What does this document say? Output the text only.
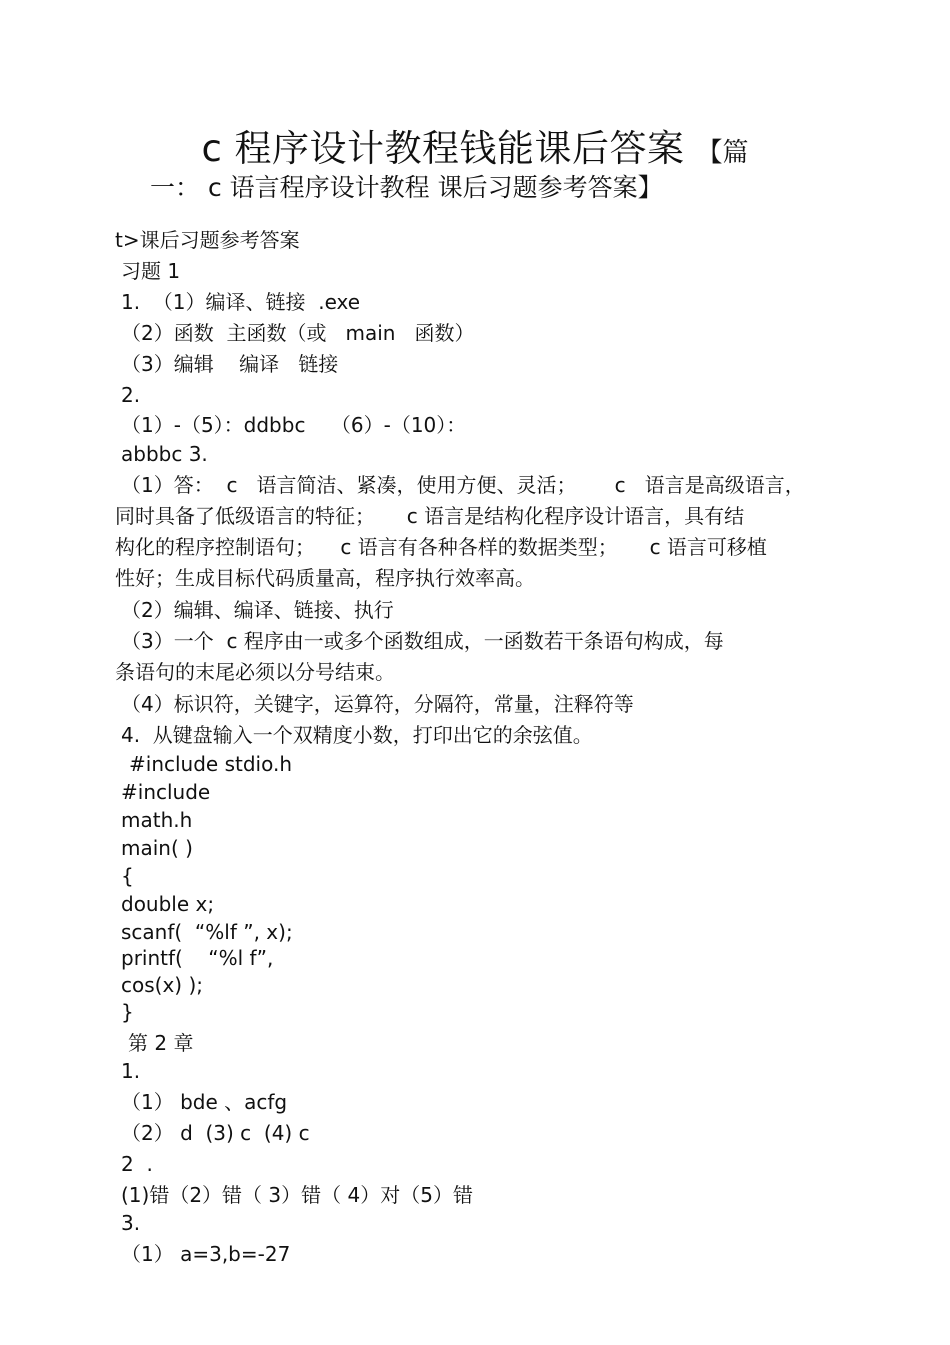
c 程序设计教程钱能课后答案 【篇
一： c 语言程序设计教程 课后习题参考答案】
t>课后习题参考答案
习题 1
1.  （1）编译、链接  .exe
（2）函数  主函数（或   main   函数）
（3）编辑    编译   链接
2.
（1）-（5）：ddbbc    （6）-（10）：
abbbc 3.
（1）答：  c   语言简洁、紧凑，使用方便、灵活；      c   语言是高级语言，
同时具备了低级语言的特征；     c 语言是结构化程序设计语言，具有结
构化的程序控制语句；    c 语言有各种各样的数据类型；     c 语言可移植
性好；生成目标代码质量高，程序执行效率高。
（2）编辑、编译、链接、执行
（3）一个  c 程序由一或多个函数组成，一函数若干条语句构成，每
条语句的末尾必须以分号结束。
（4）标识符，关键字，运算符，分隔符，常量，注释符等
4.  从键盘输入一个双精度小数，打印出它的余弦值。
#include stdio.h
#include
math.h
main( )
{
double x;
scanf(  “%lf ”, x);
printf(    “%l f”,
cos(x) );
}
第 2 章
1.
（1） bde 、acfg
（2） d  (3) c  (4) c
2  .
(1)错（2）错（ 3）错（ 4）对（5）错
3.
（1） a=3,b=-27
